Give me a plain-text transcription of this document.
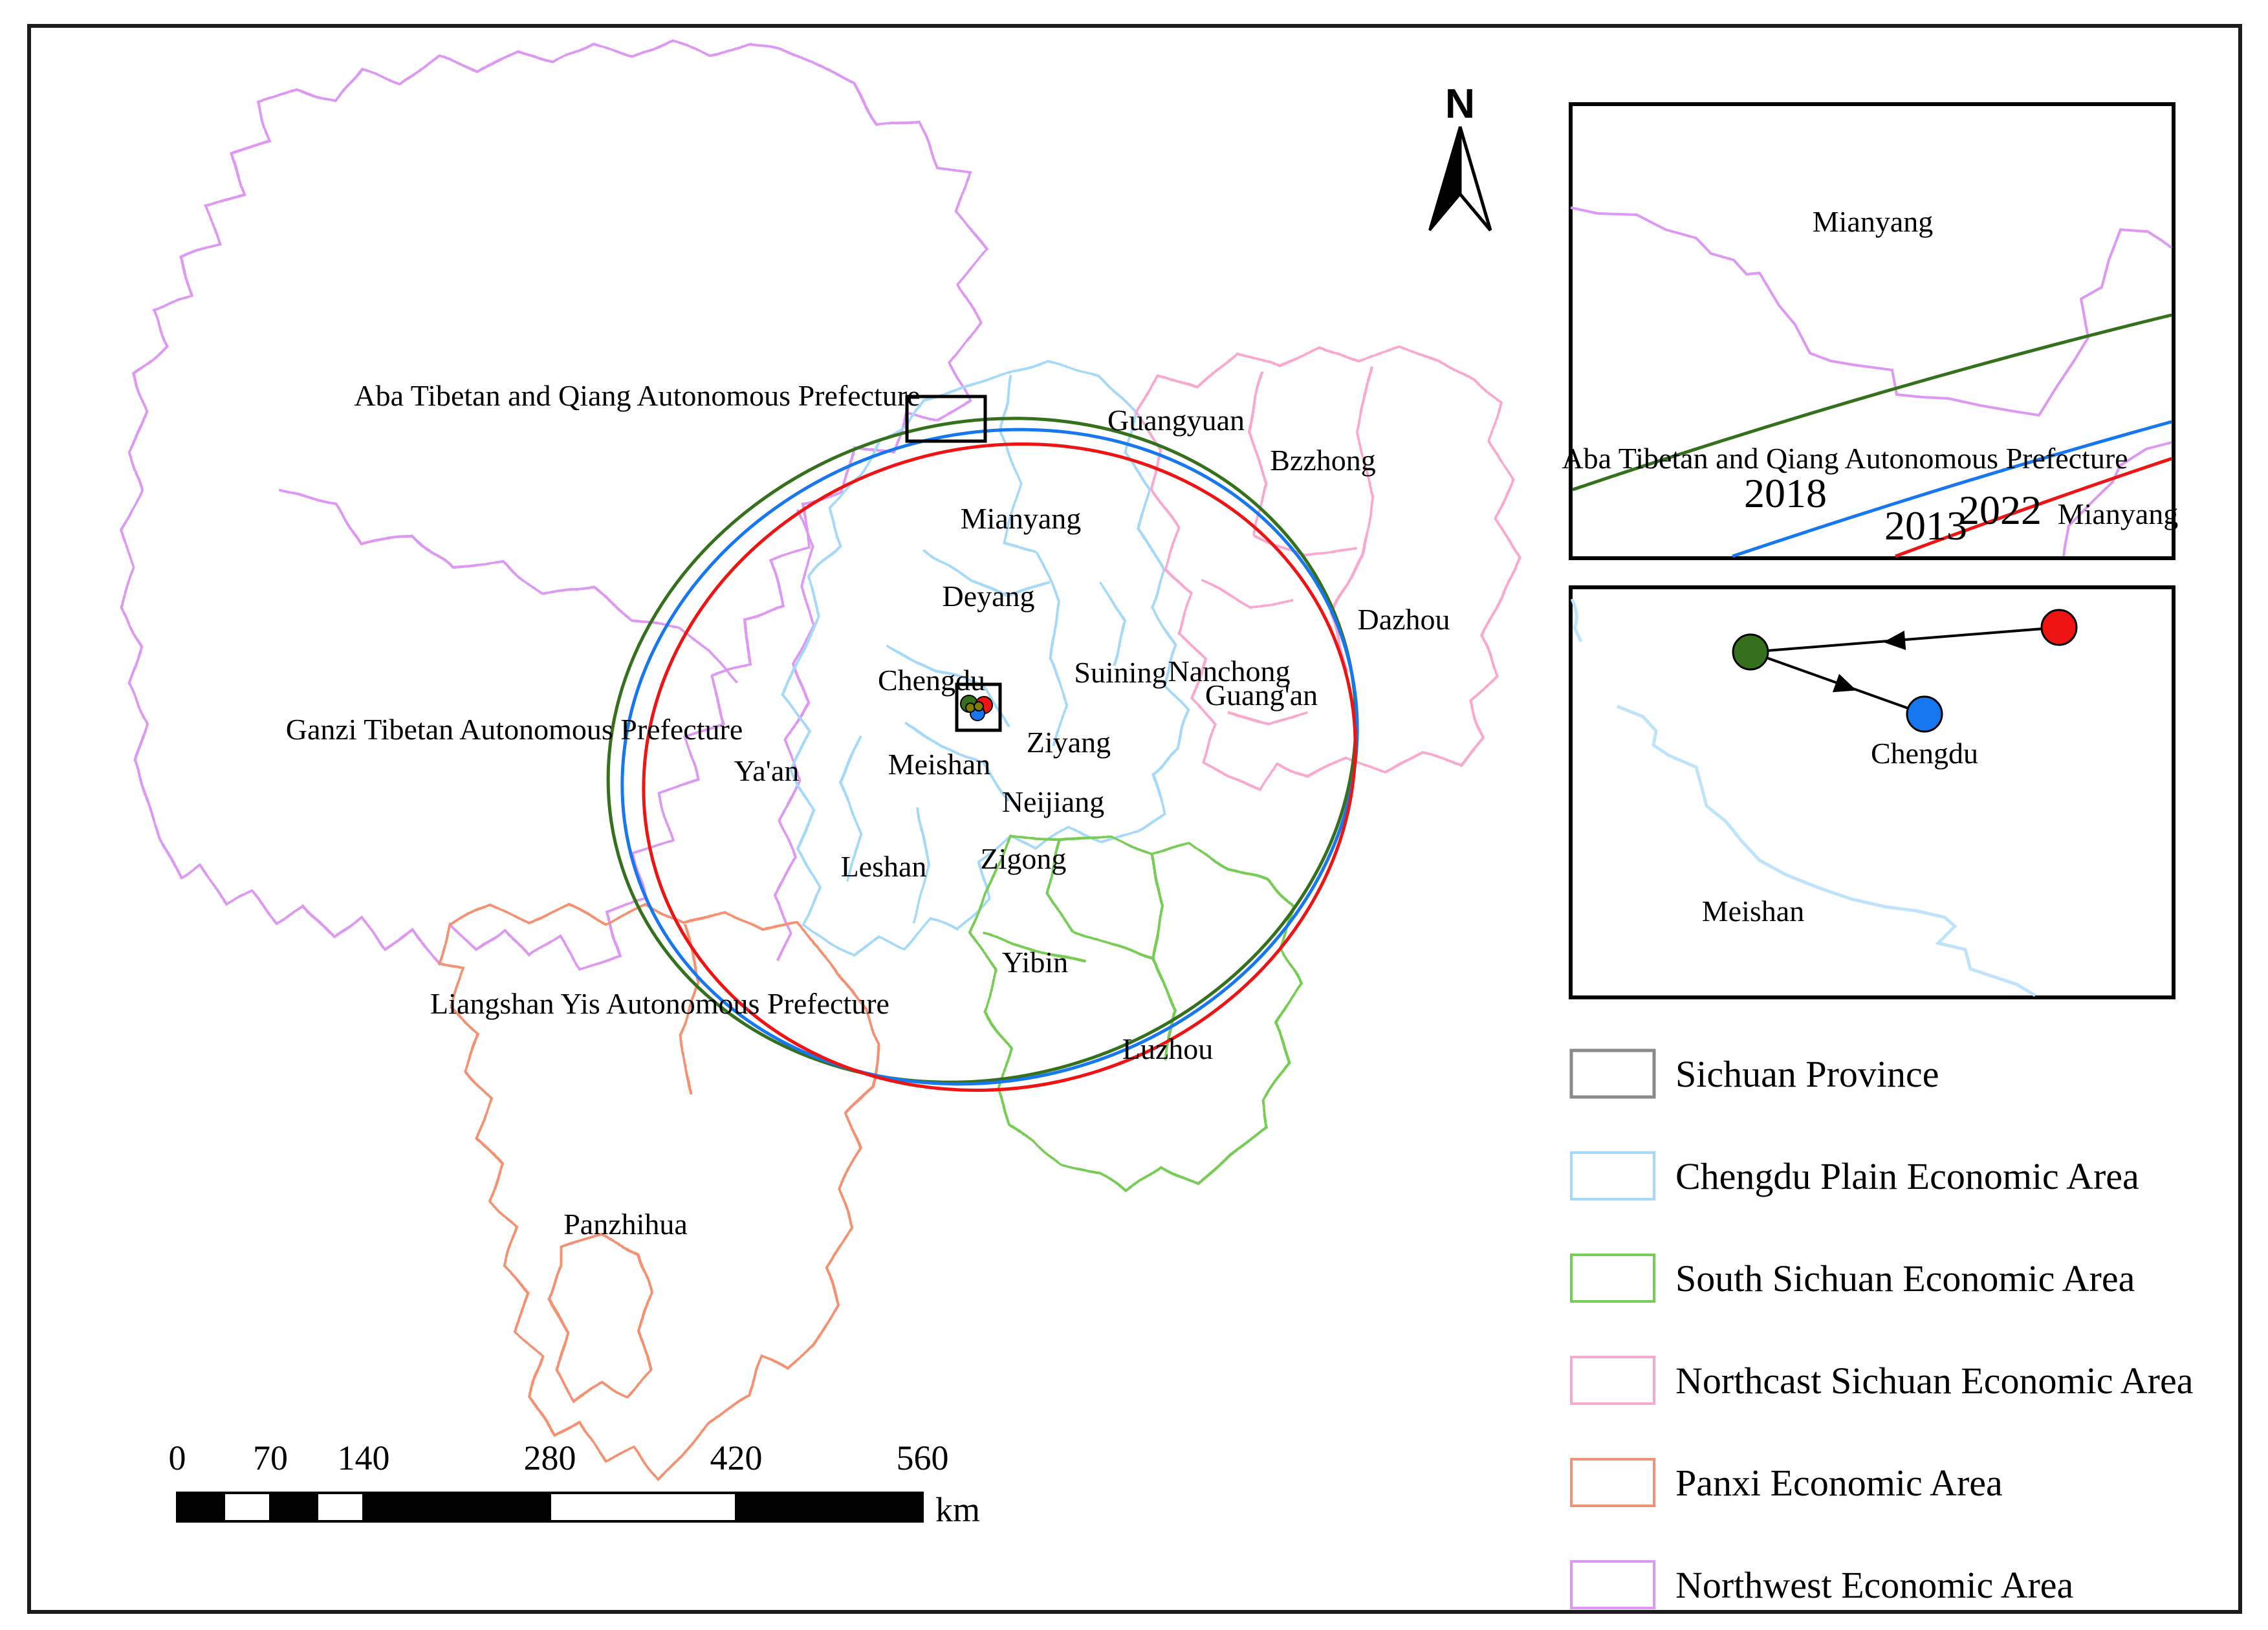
Aba Tibetan and Qiang Autonomous Prefecture
Guangyuan
Bzzhong
Mianyang
Dazhou
Nanchong
Deyang
Chengdu	Suining
Guang'an
Ganzi Tibetan Autonomous Prefecture
Ya'an	Meishan
Ziyang
Neijiang
Leshan Zigong
Yibin
Luzhou
Liangshan Yis Autonomous Prefecture
Panzhihua
N
0 70 140	280	420	560
km
Mianyang
Aba Tibetan and Qiang Autonomous Prefecture
2018
2013
2022 Mianyang
Chengdu
Meishan
Sichuan Province
Chengdu Plain Economic Area
South Sichuan Economic Area
Northcast Sichuan Economic Area
Panxi Economic Area
Northwest Economic Area
